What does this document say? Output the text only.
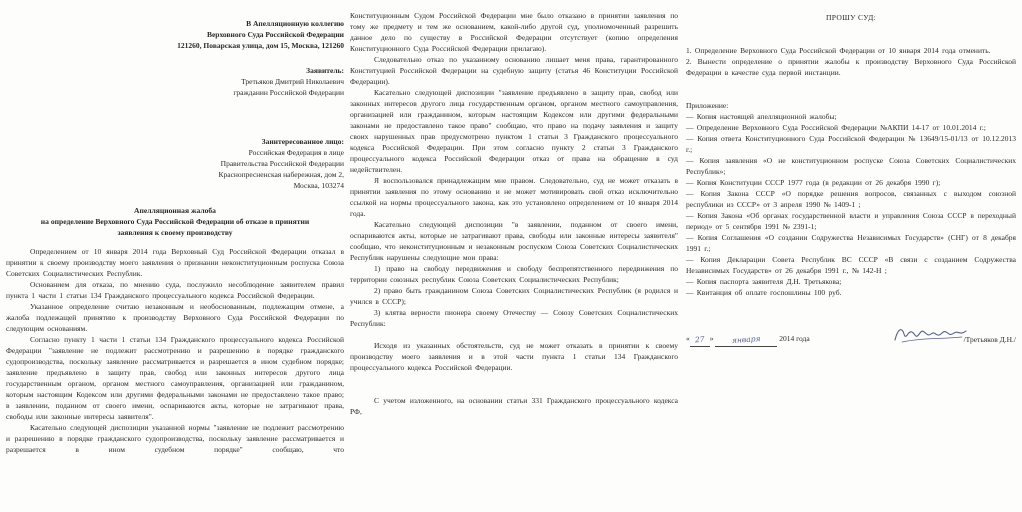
В Апелляционную коллегию
Верховного Суда Российской Федерации
121260, Поварская улица, дом 15, Москва, 121260
Заявитель:
Третьяков Дмитрий Николаевич
гражданин Российской Федерации
Заинтересованное лицо:
Российская Федерация в лице
Правительства Российской Федерации
Краснопресненская набережная, дом 2,
Москва, 103274
Апелляционная жалоба
на определение Верховного Суда Российской Федерации об отказе в принятии
заявления к своему производству

Определением от 10 января 2014 года Верховный Суд Российской Федерации отказал в принятии к своему производству моего заявления о признании неконституционным роспуска Союза Советских Социалистических Республик.

Основанием для отказа, по мнению суда, послужило несоблюдение заявителем правил пункта 1 части 1 статьи 134 Гражданского процессуального кодекса Российской Федерации.

Указанное определение считаю незаконным и необоснованным, подлежащим отмене, а жалоба подлежащей принятию к производству Верховного Суда Российской Федерации по следующим основаниям.

Согласно пункту 1 части 1 статьи 134 Гражданского процессуального кодекса Российской Федерации "заявление не подлежит рассмотрению и разрешению в порядке гражданского судопроизводства, поскольку заявление рассматривается и разрешается в ином судебном порядке; заявление предъявлено в защиту прав, свобод или законных интересов другого лица государственным органом, органом местного самоуправления, организацией или гражданином, которым настоящим Кодексом или другими федеральными законами не предоставлено такое право; в заявлении, поданном от своего имени, оспариваются акты, которые не затрагивают права, свободы или законные интересы заявителя".

Касательно следующей диспозиции указанной нормы "заявление не подлежит рассмотрению и разрешению в порядке гражданского судопроизводства, поскольку заявление рассматривается и разрешается в ином судебном порядке" сообщаю, что

Конституционным Судом Российской Федерации мне было отказано в принятии заявления по тому же предмету и тем же основанием, какой-либо другой суд, уполномоченный разрешить данное дело по существу в Российской Федерации отсутствует (копию определения Конституционного Суда Российской Федерации прилагаю).

Следовательно отказ по указанному основанию лишает меня права, гарантированного Конституцией Российской Федерации на судебную защиту (статья 46 Конституции Российской Федерации).

Касательно следующей диспозиции "заявление предъявлено в защиту прав, свобод или законных интересов другого лица государственным органом, органом местного самоуправления, организацией или гражданином, которым настоящим Кодексом или другими федеральными законами не предоставлено такое право" сообщаю, что право на подачу заявления и защиту своих нарушенных прав предусмотрено пунктом 1 статьи 3 Гражданского процессуального кодекса Российской Федерации. При этом согласно пункту 2 статьи 3 Гражданского процессуального кодекса Российской Федерации отказ от права на обращение в суд недействителен.

Я воспользовался принадлежащим мне правом. Следовательно, суд не может отказать в принятии заявления по этому основанию и не может мотивировать свой отказ исключительно ссылкой на нормы процессуального закона, как это установлено определением от 10 января 2014 года.

Касательно следующей диспозиции "в заявлении, поданном от своего имени, оспариваются акты, которые не затрагивают права, свободы или законные интересы заявителя" сообщаю, что неконституционным и незаконным роспуском Союза Советских Социалистических Республик нарушены следующие мои права:

1) право на свободу передвижения и свободу беспрепятственного передвижения по территории союзных республик Союза Советских Социалистических Республик;

2) право быть гражданином Союза Советских Социалистических Республик (я родился и учился в СССР);

3) клятва верности пионера своему Отечеству — Союзу Советских Социалистических Республик:

Исходя из указанных обстоятельств, суд не может отказать в принятии к своему производству моего заявления и в этой части пункта 1 статьи 134 Гражданского процессуального кодекса Российской Федерации.

С учетом изложенного, на основании статьи 331 Гражданского процессуального кодекса РФ,

ПРОШУ СУД:

1. Определение Верховного Суда Российской Федерации от 10 января 2014 года отменить.

2. Вынести определение о принятии жалобы к производству Верховного Суда Российской Федерации в качестве суда первой инстанции.

Приложение:

— Копия настоящей апелляционной жалобы;

— Определение Верховного Суда Российской Федерации №АКПИ 14-17 от 10.01.2014 г.;

— Копия ответа Конституционного Суда Российской Федерации № 13649/15-01/13 от 10.12.2013 г.;

— Копия заявления «О не конституционном роспуске Союза Советских Социалистических Республик»;

— Копия Конституции СССР 1977 года (в редакции от 26 декабря 1990 г);

— Копия Закона СССР «О порядке решения вопросов, связанных с выходом союзной республики из СССР» от 3 апреля 1990 № 1409-1 ;

— Копия Закона «Об органах государственной власти и управления Союза СССР в переходный период» от 5 сентября 1991 № 2391-1;

— Копия Соглашения «О создании Содружества Независимых Государств» (СНГ) от 8 декабря 1991 г.;

— Копия Декларации Совета Республик ВС СССР «В связи с созданием Содружества Независимых Государств» от 26 декабря 1991 г., № 142-Н ;

— Копия паспорта заявителя Д.Н. Третьякова;

— Квитанция об оплате госпошлины 100 руб.

« 27 » января 2014 года	/Третьяков Д.Н./
